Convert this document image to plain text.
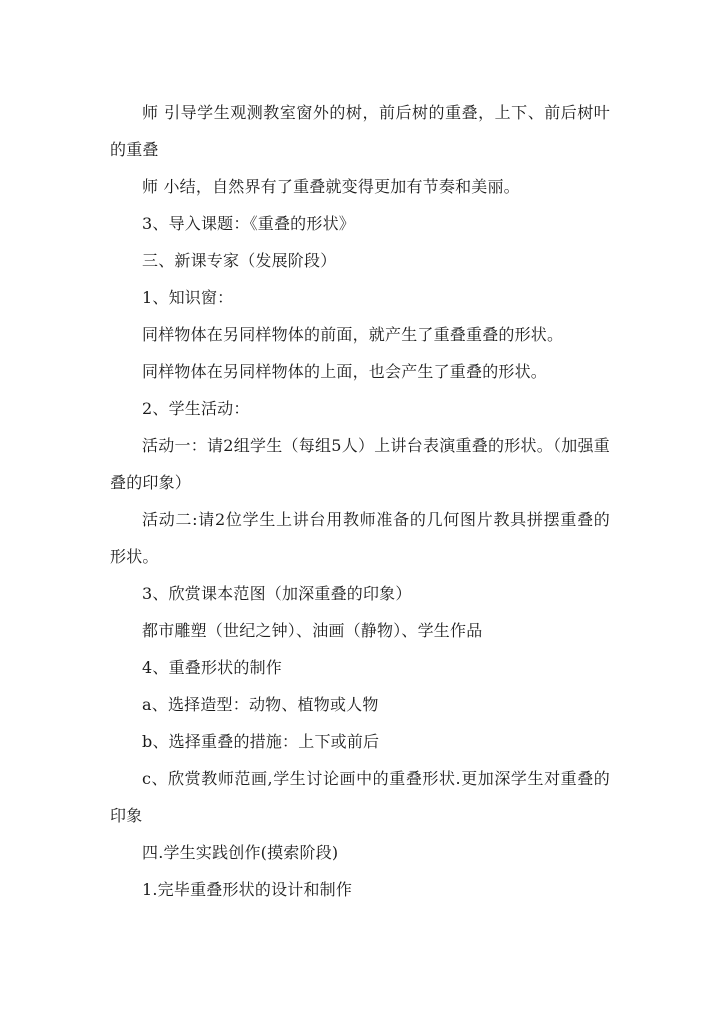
师 引导学生观测教室窗外的树，前后树的重叠，上下、前后树叶的重叠

师 小结，自然界有了重叠就变得更加有节奏和美丽。

3、导入课题：《重叠的形状》

三、新课专家（发展阶段）

1、知识窗：

同样物体在另同样物体的前面，就产生了重叠重叠的形状。

同样物体在另同样物体的上面，也会产生了重叠的形状。

2、学生活动：

活动一：请2组学生（每组5人）上讲台表演重叠的形状。（加强重叠的印象）

活动二:请2位学生上讲台用教师准备的几何图片教具拼摆重叠的形状。

3、欣赏课本范图（加深重叠的印象）

都市雕塑（世纪之钟）、油画（静物）、学生作品

4、重叠形状的制作

a、选择造型：动物、植物或人物

b、选择重叠的措施：上下或前后

c、欣赏教师范画,学生讨论画中的重叠形状.更加深学生对重叠的印象

四.学生实践创作(摸索阶段)

1.完毕重叠形状的设计和制作
